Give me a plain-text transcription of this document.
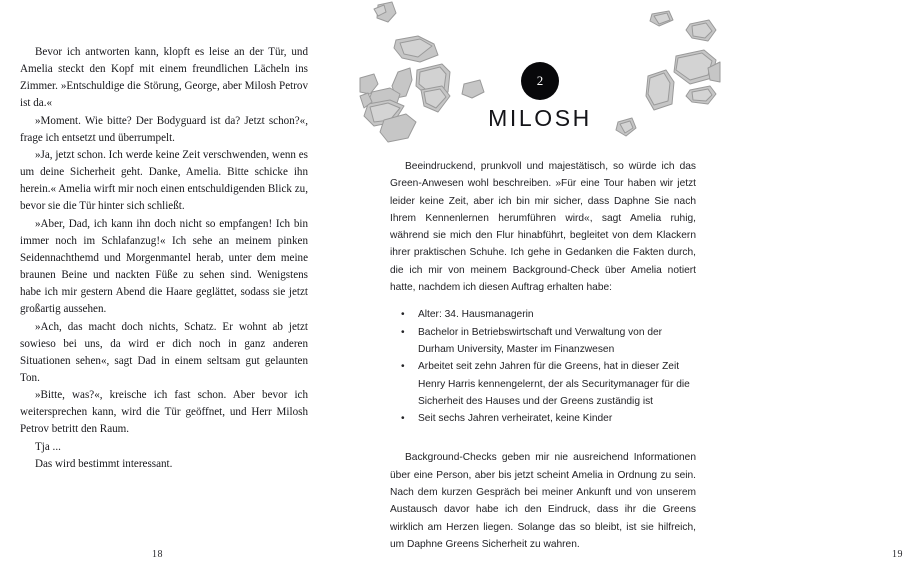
Bevor ich antworten kann, klopft es leise an der Tür, und Amelia steckt den Kopf mit einem freundlichen Lächeln ins Zimmer. »Entschuldige die Störung, George, aber Milosh Petrov ist da.«

»Moment. Wie bitte? Der Bodyguard ist da? Jetzt schon?«, frage ich entsetzt und überrumpelt.

»Ja, jetzt schon. Ich werde keine Zeit verschwenden, wenn es um deine Sicherheit geht. Danke, Amelia. Bitte schicke ihn herein.« Amelia wirft mir noch einen entschuldigenden Blick zu, bevor sie die Tür hinter sich schließt.

»Aber, Dad, ich kann ihn doch nicht so empfangen! Ich bin immer noch im Schlafanzug!« Ich sehe an meinem pinken Seidennachthemd und Morgenmantel herab, unter dem meine braunen Beine und nackten Füße zu sehen sind. Wenigstens habe ich mir gestern Abend die Haare geglättet, sodass sie jetzt großartig aussehen.

»Ach, das macht doch nichts, Schatz. Er wohnt ab jetzt sowieso bei uns, da wird er dich noch in ganz anderen Situationen sehen«, sagt Dad in einem seltsam gut gelaunten Ton.

»Bitte, was?«, kreische ich fast schon. Aber bevor ich weitersprechen kann, wird die Tür geöffnet, und Herr Milosh Petrov betritt den Raum.

Tja ...

Das wird bestimmt interessant.

18
2
MILOSH

Beeindruckend, prunkvoll und majestätisch, so würde ich das Green-Anwesen wohl beschreiben. »Für eine Tour haben wir jetzt leider keine Zeit, aber ich bin mir sicher, dass Daphne Sie nach Ihrem Kennenlernen herumführen wird«, sagt Amelia ruhig, während sie mich den Flur hinabführt, begleitet von dem Klackern ihrer praktischen Schuhe. Ich gehe in Gedanken die Fakten durch, die ich mir von meinem Background-Check über Amelia notiert hatte, nachdem ich diesen Auftrag erhalten habe:

• Alter: 34. Hausmanagerin
• Bachelor in Betriebswirtschaft und Verwaltung von der Durham University, Master im Finanzwesen
• Arbeitet seit zehn Jahren für die Greens, hat in dieser Zeit Henry Harris kennengelernt, der als Securitymanager für die Sicherheit des Hauses und der Greens zuständig ist
• Seit sechs Jahren verheiratet, keine Kinder

Background-Checks geben mir nie ausreichend Informationen über eine Person, aber bis jetzt scheint Amelia in Ordnung zu sein. Nach dem kurzen Gespräch bei meiner Ankunft und von unserem Austausch davor habe ich den Eindruck, dass ihr die Greens wirklich am Herzen liegen. Solange das so bleibt, ist sie hilfreich, um Daphne Greens Sicherheit zu wahren.

19
